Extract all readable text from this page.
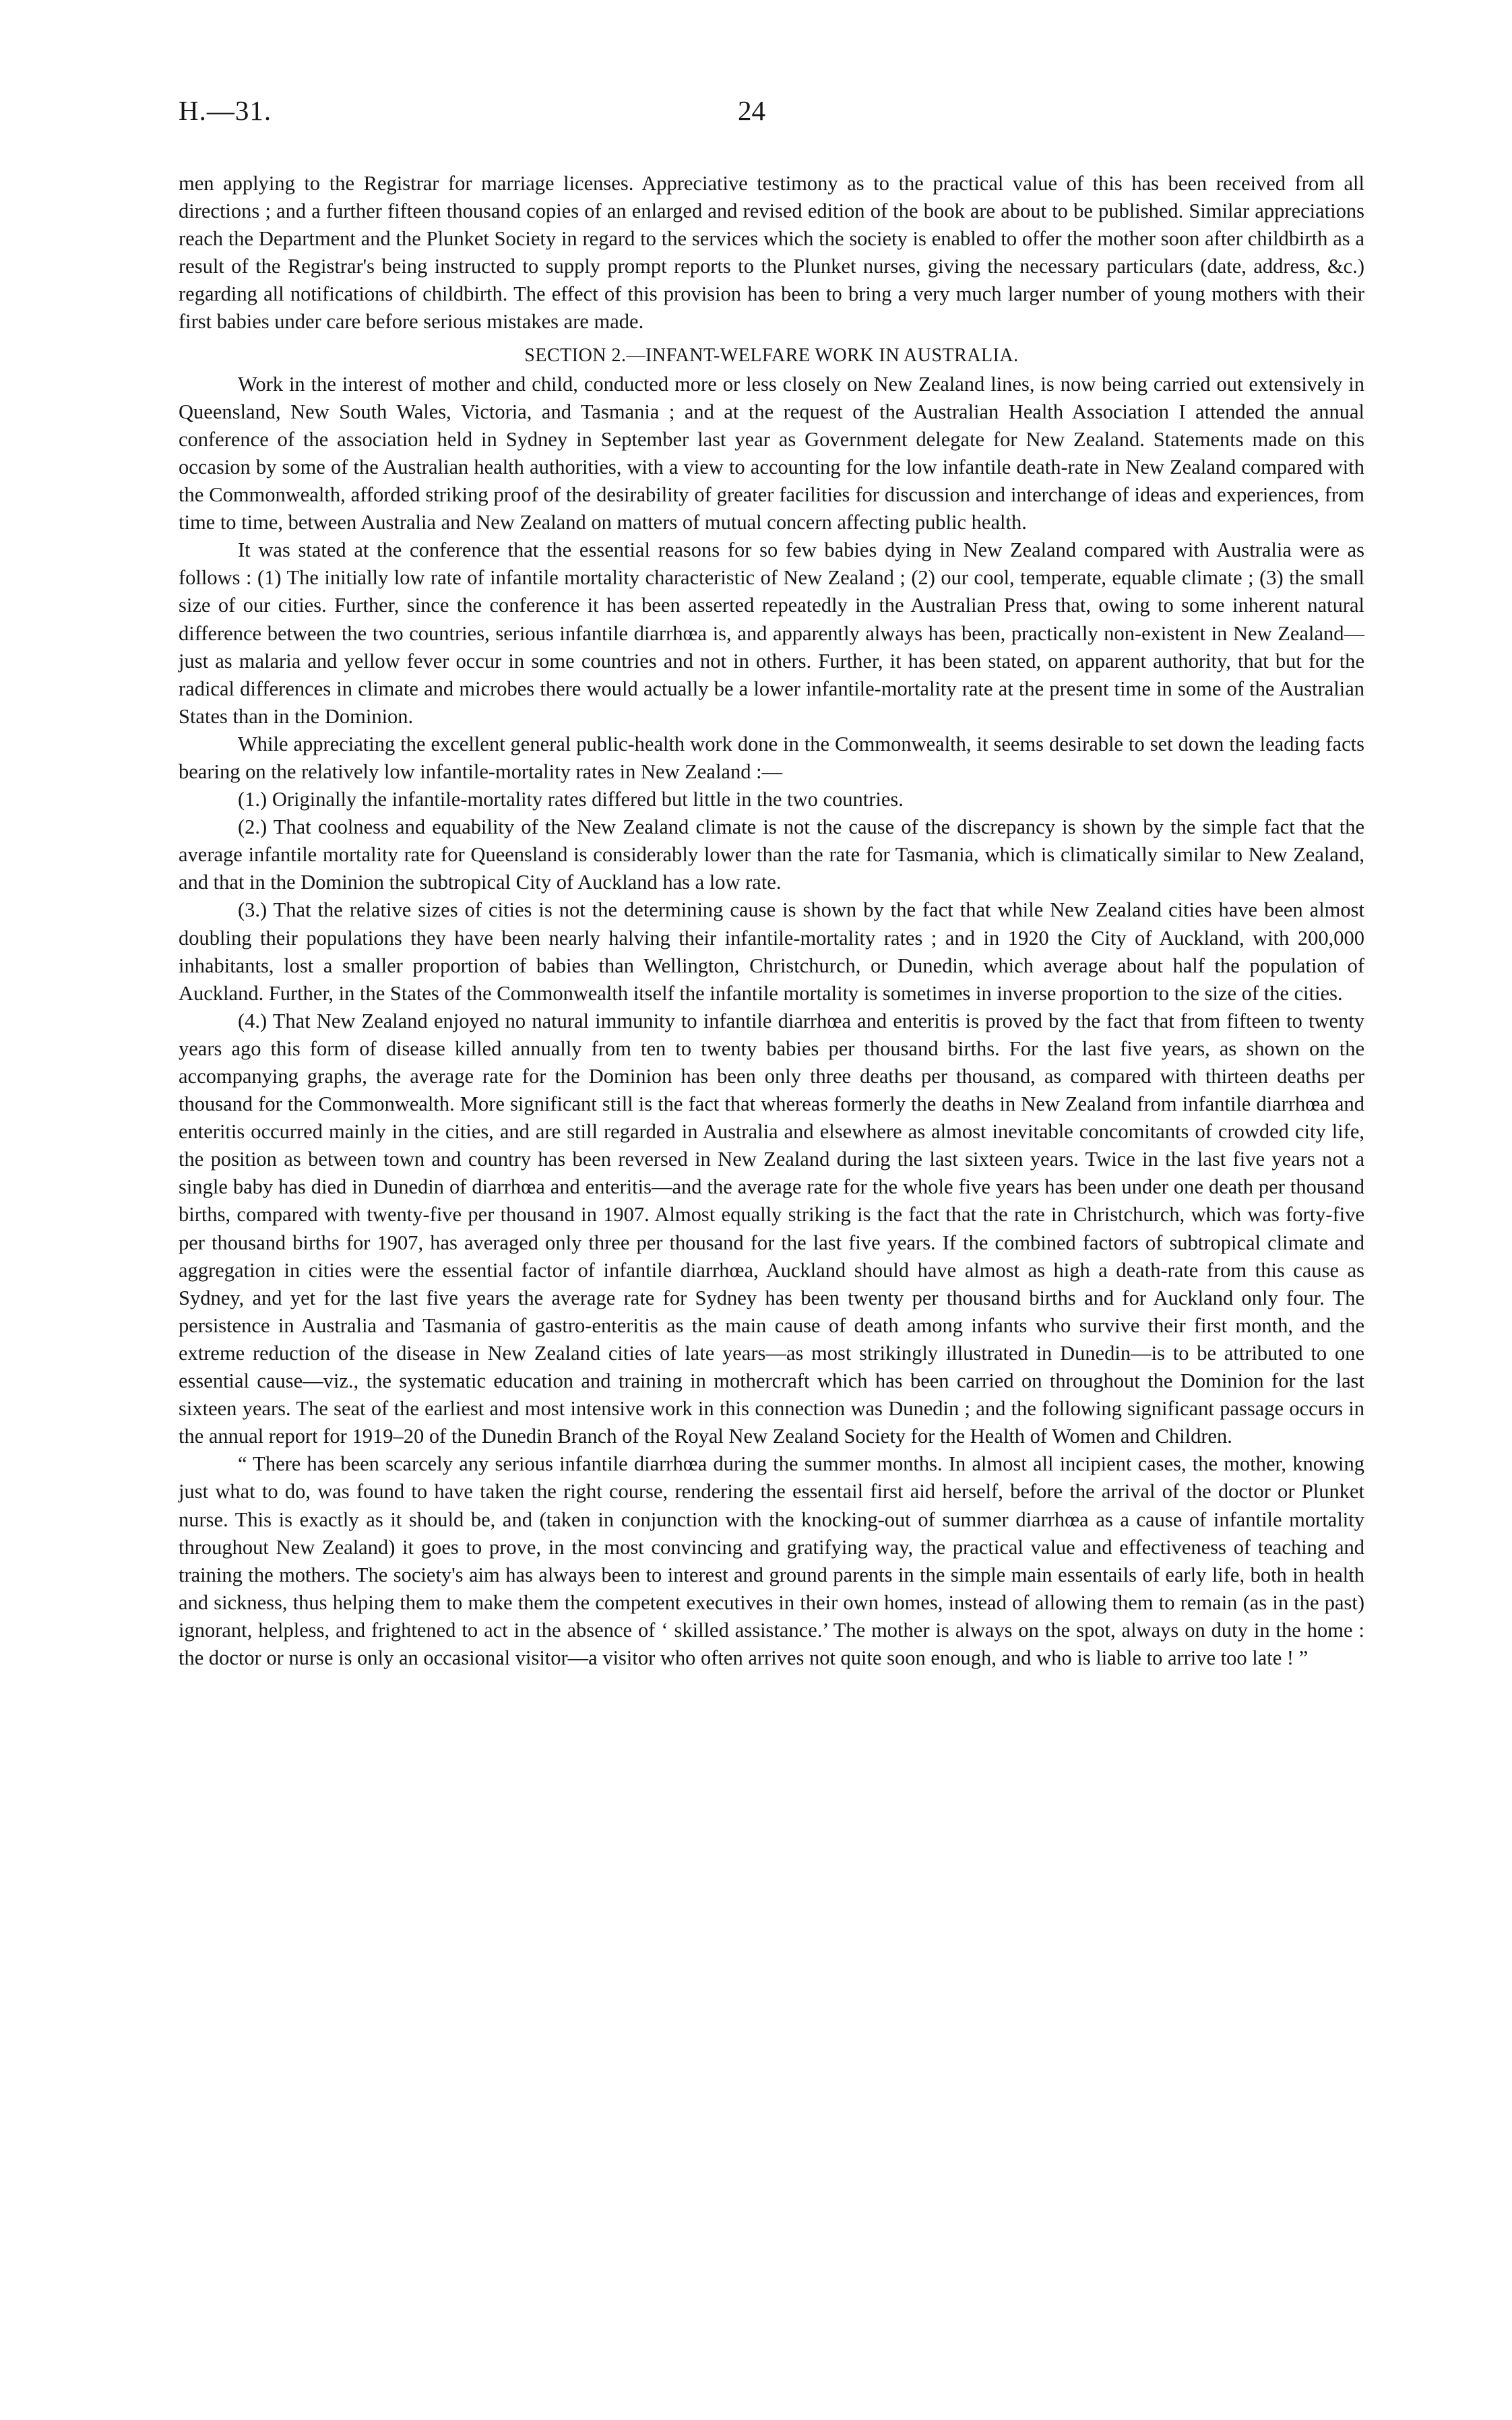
H.—31.	24

men applying to the Registrar for marriage licenses. Appreciative testimony as to the practical value of this has been received from all directions ; and a further fifteen thousand copies of an enlarged and revised edition of the book are about to be published. Similar appreciations reach the Department and the Plunket Society in regard to the services which the society is enabled to offer the mother soon after childbirth as a result of the Registrar's being instructed to supply prompt reports to the Plunket nurses, giving the necessary particulars (date, address, &c.) regarding all notifications of childbirth. The effect of this provision has been to bring a very much larger number of young mothers with their first babies under care before serious mistakes are made.

SECTION 2.—INFANT-WELFARE WORK IN AUSTRALIA.

Work in the interest of mother and child, conducted more or less closely on New Zealand lines, is now being carried out extensively in Queensland, New South Wales, Victoria, and Tasmania ; and at the request of the Australian Health Association I attended the annual conference of the association held in Sydney in September last year as Government delegate for New Zealand. Statements made on this occasion by some of the Australian health authorities, with a view to accounting for the low infantile death-rate in New Zealand compared with the Commonwealth, afforded striking proof of the desirability of greater facilities for discussion and interchange of ideas and experiences, from time to time, between Australia and New Zealand on matters of mutual concern affecting public health.

It was stated at the conference that the essential reasons for so few babies dying in New Zealand compared with Australia were as follows : (1) The initially low rate of infantile mortality characteristic of New Zealand ; (2) our cool, temperate, equable climate ; (3) the small size of our cities. Further, since the conference it has been asserted repeatedly in the Australian Press that, owing to some inherent natural difference between the two countries, serious infantile diarrhœa is, and apparently always has been, practically non-existent in New Zealand—just as malaria and yellow fever occur in some countries and not in others. Further, it has been stated, on apparent authority, that but for the radical differences in climate and microbes there would actually be a lower infantile-mortality rate at the present time in some of the Australian States than in the Dominion.

While appreciating the excellent general public-health work done in the Commonwealth, it seems desirable to set down the leading facts bearing on the relatively low infantile-mortality rates in New Zealand :—

(1.) Originally the infantile-mortality rates differed but little in the two countries.

(2.) That coolness and equability of the New Zealand climate is not the cause of the discrepancy is shown by the simple fact that the average infantile mortality rate for Queensland is considerably lower than the rate for Tasmania, which is climatically similar to New Zealand, and that in the Dominion the subtropical City of Auckland has a low rate.

(3.) That the relative sizes of cities is not the determining cause is shown by the fact that while New Zealand cities have been almost doubling their populations they have been nearly halving their infantile-mortality rates ; and in 1920 the City of Auckland, with 200,000 inhabitants, lost a smaller proportion of babies than Wellington, Christchurch, or Dunedin, which average about half the population of Auckland. Further, in the States of the Commonwealth itself the infantile mortality is sometimes in inverse proportion to the size of the cities.

(4.) That New Zealand enjoyed no natural immunity to infantile diarrhœa and enteritis is proved by the fact that from fifteen to twenty years ago this form of disease killed annually from ten to twenty babies per thousand births. For the last five years, as shown on the accompanying graphs, the average rate for the Dominion has been only three deaths per thousand, as compared with thirteen deaths per thousand for the Commonwealth. More significant still is the fact that whereas formerly the deaths in New Zealand from infantile diarrhœa and enteritis occurred mainly in the cities, and are still regarded in Australia and elsewhere as almost inevitable concomitants of crowded city life, the position as between town and country has been reversed in New Zealand during the last sixteen years. Twice in the last five years not a single baby has died in Dunedin of diarrhœa and enteritis—and the average rate for the whole five years has been under one death per thousand births, compared with twenty-five per thousand in 1907. Almost equally striking is the fact that the rate in Christchurch, which was forty-five per thousand births for 1907, has averaged only three per thousand for the last five years. If the combined factors of subtropical climate and aggregation in cities were the essential factor of infantile diarrhœa, Auckland should have almost as high a death-rate from this cause as Sydney, and yet for the last five years the average rate for Sydney has been twenty per thousand births and for Auckland only four. The persistence in Australia and Tasmania of gastro-enteritis as the main cause of death among infants who survive their first month, and the extreme reduction of the disease in New Zealand cities of late years—as most strikingly illustrated in Dunedin—is to be attributed to one essential cause—viz., the systematic education and training in mothercraft which has been carried on throughout the Dominion for the last sixteen years. The seat of the earliest and most intensive work in this connection was Dunedin ; and the following significant passage occurs in the annual report for 1919–20 of the Dunedin Branch of the Royal New Zealand Society for the Health of Women and Children.

“ There has been scarcely any serious infantile diarrhœa during the summer months. In almost all incipient cases, the mother, knowing just what to do, was found to have taken the right course, rendering the essentail first aid herself, before the arrival of the doctor or Plunket nurse. This is exactly as it should be, and (taken in conjunction with the knocking-out of summer diarrhœa as a cause of infantile mortality throughout New Zealand) it goes to prove, in the most convincing and gratifying way, the practical value and effectiveness of teaching and training the mothers. The society's aim has always been to interest and ground parents in the simple main essentails of early life, both in health and sickness, thus helping them to make them the competent executives in their own homes, instead of allowing them to remain (as in the past) ignorant, helpless, and frightened to act in the absence of ‘ skilled assistance.’ The mother is always on the spot, always on duty in the home : the doctor or nurse is only an occasional visitor—a visitor who often arrives not quite soon enough, and who is liable to arrive too late ! ”
